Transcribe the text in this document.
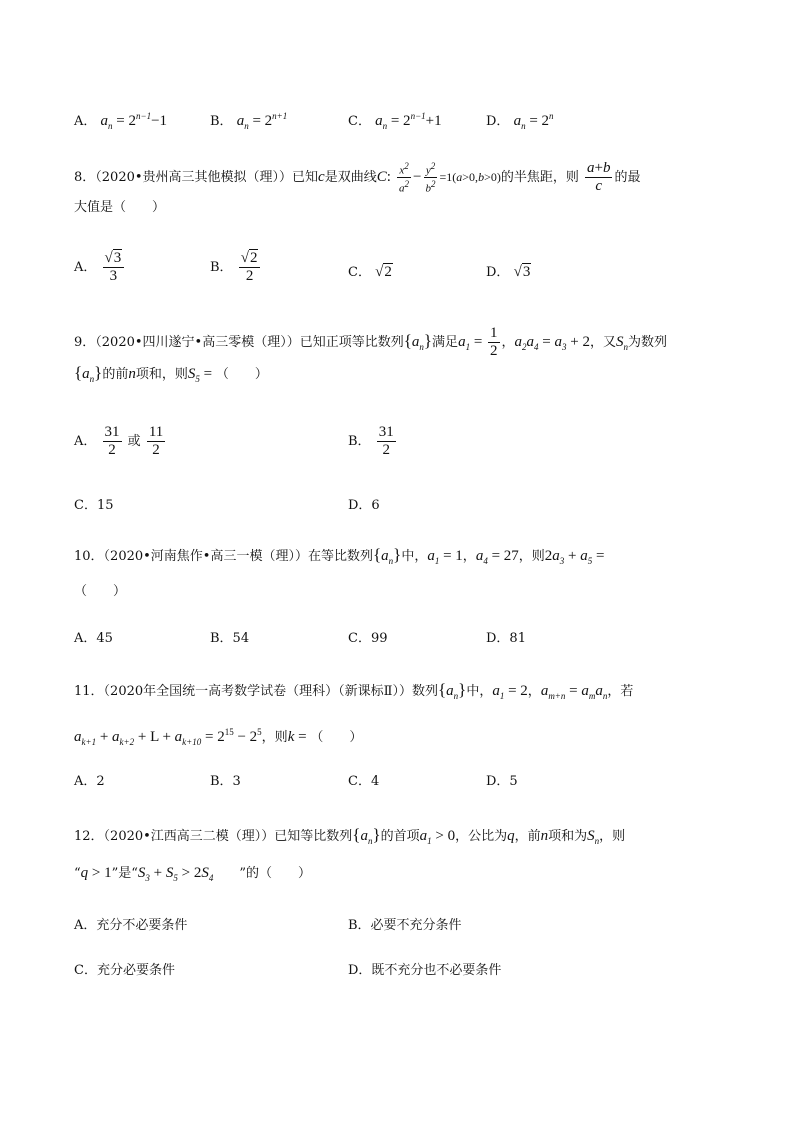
A． $a_n = 2^{n-1}-1$	B． $a_n = 2^{n+1}$	C． $a_n = 2^{n-1}+1$	D． $a_n = 2^n$
8．（2020•贵州高三其他模拟（理））已知c是双曲线C: $\frac{x^2}{a^2} - \frac{y^2}{b^2} =1(a>0,b>0)$的半焦距，则 $\frac{a+b}{c}$ 的最
大值是（　　）
A． $\frac{√3}{3}$	B． $\frac{√2}{2}$	C． √2	D． √3
9．（2020•四川遂宁•高三零模（理））已知正项等比数列$\{a_n\}$满足$a_1 = \frac{1}{2}$ ，$a_2a_4 = a_3 + 2$，又$S_n$为数列
$\{a_n\}$的前n项和，则$S_5$ = （　　）
A． $\frac{31}{2}$ 或 $\frac{11}{2}$	B． $\frac{31}{2}$
C．15	D．6
10．（2020•河南焦作•高三一模（理））在等比数列$\{a_n\}$中，$a_1 = 1$，$a_4 = 27$，则$2a_3 + a_5$ =
（　　）
A．45	B．54	C．99	D．81
11．（2020年全国统一高考数学试卷（理科）（新课标Ⅱ））数列$\{a_n\}$中，$a_1 = 2$，$a_{m+n} = a_ma_n$，若
$a_{k+1} + a_{k+2} + L + a_{k+10} = 2^{15} - 2^5$，则k = （　　）
A．2	B．3	C．4	D．5
12．（2020•江西高三二模（理））已知等比数列$\{a_n\}$的首项$a_1 > 0$，公比为q，前n项和为$S_n$，则
“q > 1”是“$S_3 + S_5 > 2S_4$　　”的（　　）
A．充分不必要条件	B．必要不充分条件
C．充分必要条件	D．既不充分也不必要条件
